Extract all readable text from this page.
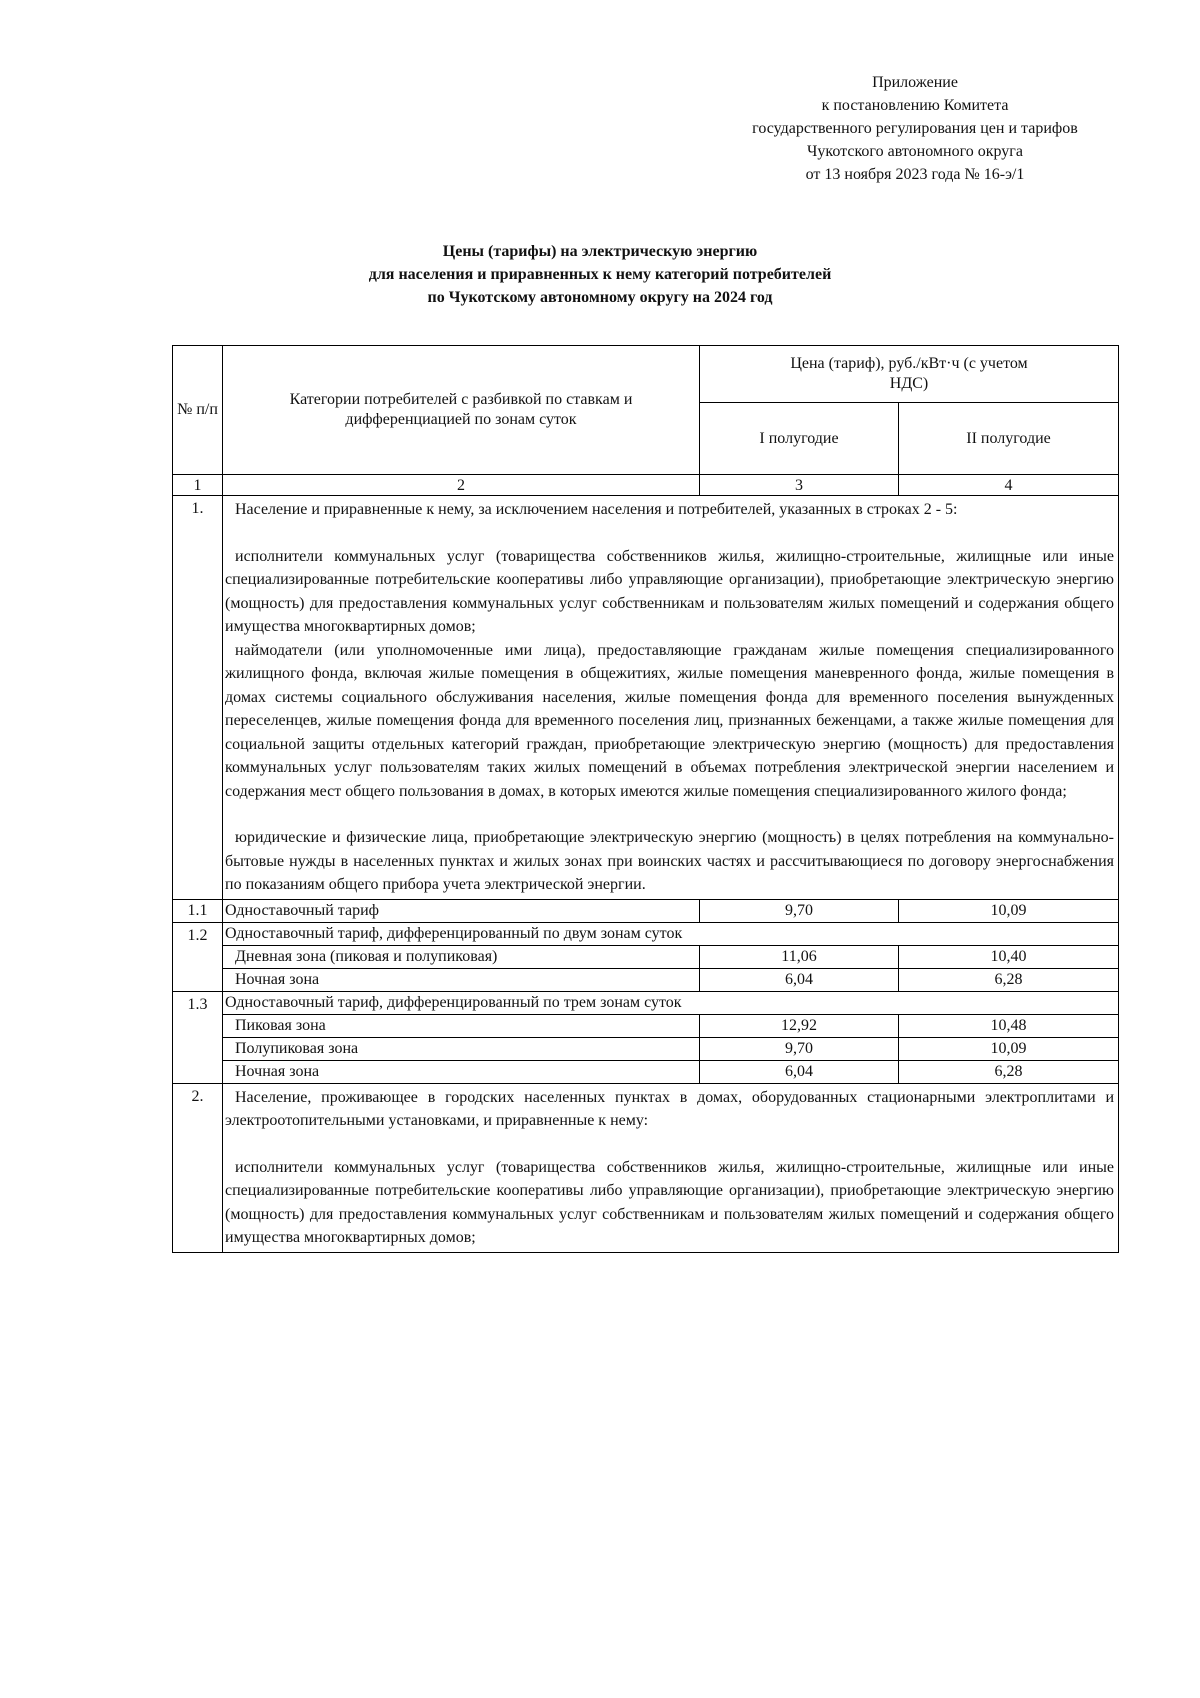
Приложение
к постановлению Комитета
государственного регулирования цен и тарифов
Чукотского автономного округа
от 13 ноября 2023 года № 16-э/1
Цены (тарифы) на электрическую энергию
для населения и приравненных к нему категорий потребителей
по Чукотскому автономному округу на 2024 год
№ п/п	Категории потребителей с разбивкой по ставкам и дифференциацией по зонам суток	Цена (тариф), руб./кВт·ч (с учетом НДС)	
		I полугодие	II полугодие
1	2	3	4
1.	Население и приравненные к нему, за исключением населения и потребителей, указанных в строках 2 - 5:

исполнители коммунальных услуг (товарищества собственников жилья, жилищно-строительные, жилищные или иные специализированные потребительские кооперативы либо управляющие организации), приобретающие электрическую энергию (мощность) для предоставления коммунальных услуг собственникам и пользователям жилых помещений и содержания общего имущества многоквартирных домов;

наймодатели (или уполномоченные ими лица), предоставляющие гражданам жилые помещения специализированного жилищного фонда, включая жилые помещения в общежитиях, жилые помещения маневренного фонда, жилые помещения в домах системы социального обслуживания населения, жилые помещения фонда для временного поселения вынужденных переселенцев, жилые помещения фонда для временного поселения лиц, признанных беженцами, а также жилые помещения для социальной защиты отдельных категорий граждан, приобретающие электрическую энергию (мощность) для предоставления коммунальных услуг пользователям таких жилых помещений в объемах потребления электрической энергии населением и содержания мест общего пользования в домах, в которых имеются жилые помещения специализированного жилого фонда;

юридические и физические лица, приобретающие электрическую энергию (мощность) в целях потребления на коммунально-бытовые нужды в населенных пунктах и жилых зонах при воинских частях и рассчитывающиеся по договору энергоснабжения по показаниям общего прибора учета электрической энергии.		

1.1	Одноставочный тариф	9,70	10,09
1.2	Одноставочный тариф, дифференцированный по двум зонам суток		
	Дневная зона (пиковая и полупиковая)	11,06	10,40
	Ночная зона	6,04	6,28
1.3	Одноставочный тариф, дифференцированный по трем зонам суток		
	Пиковая зона	12,92	10,48
	Полупиковая зона	9,70	10,09
	Ночная зона	6,04	6,28
2.	Население, проживающее в городских населенных пунктах в домах, оборудованных стационарными электроплитами и электроотопительными установками, и приравненные к нему:

исполнители коммунальных услуг (товарищества собственников жилья, жилищно-строительные, жилищные или иные специализированные потребительские кооперативы либо управляющие организации), приобретающие электрическую энергию (мощность) для предоставления коммунальных услуг собственникам и пользователям жилых помещений и содержания общего имущества многоквартирных домов;		
